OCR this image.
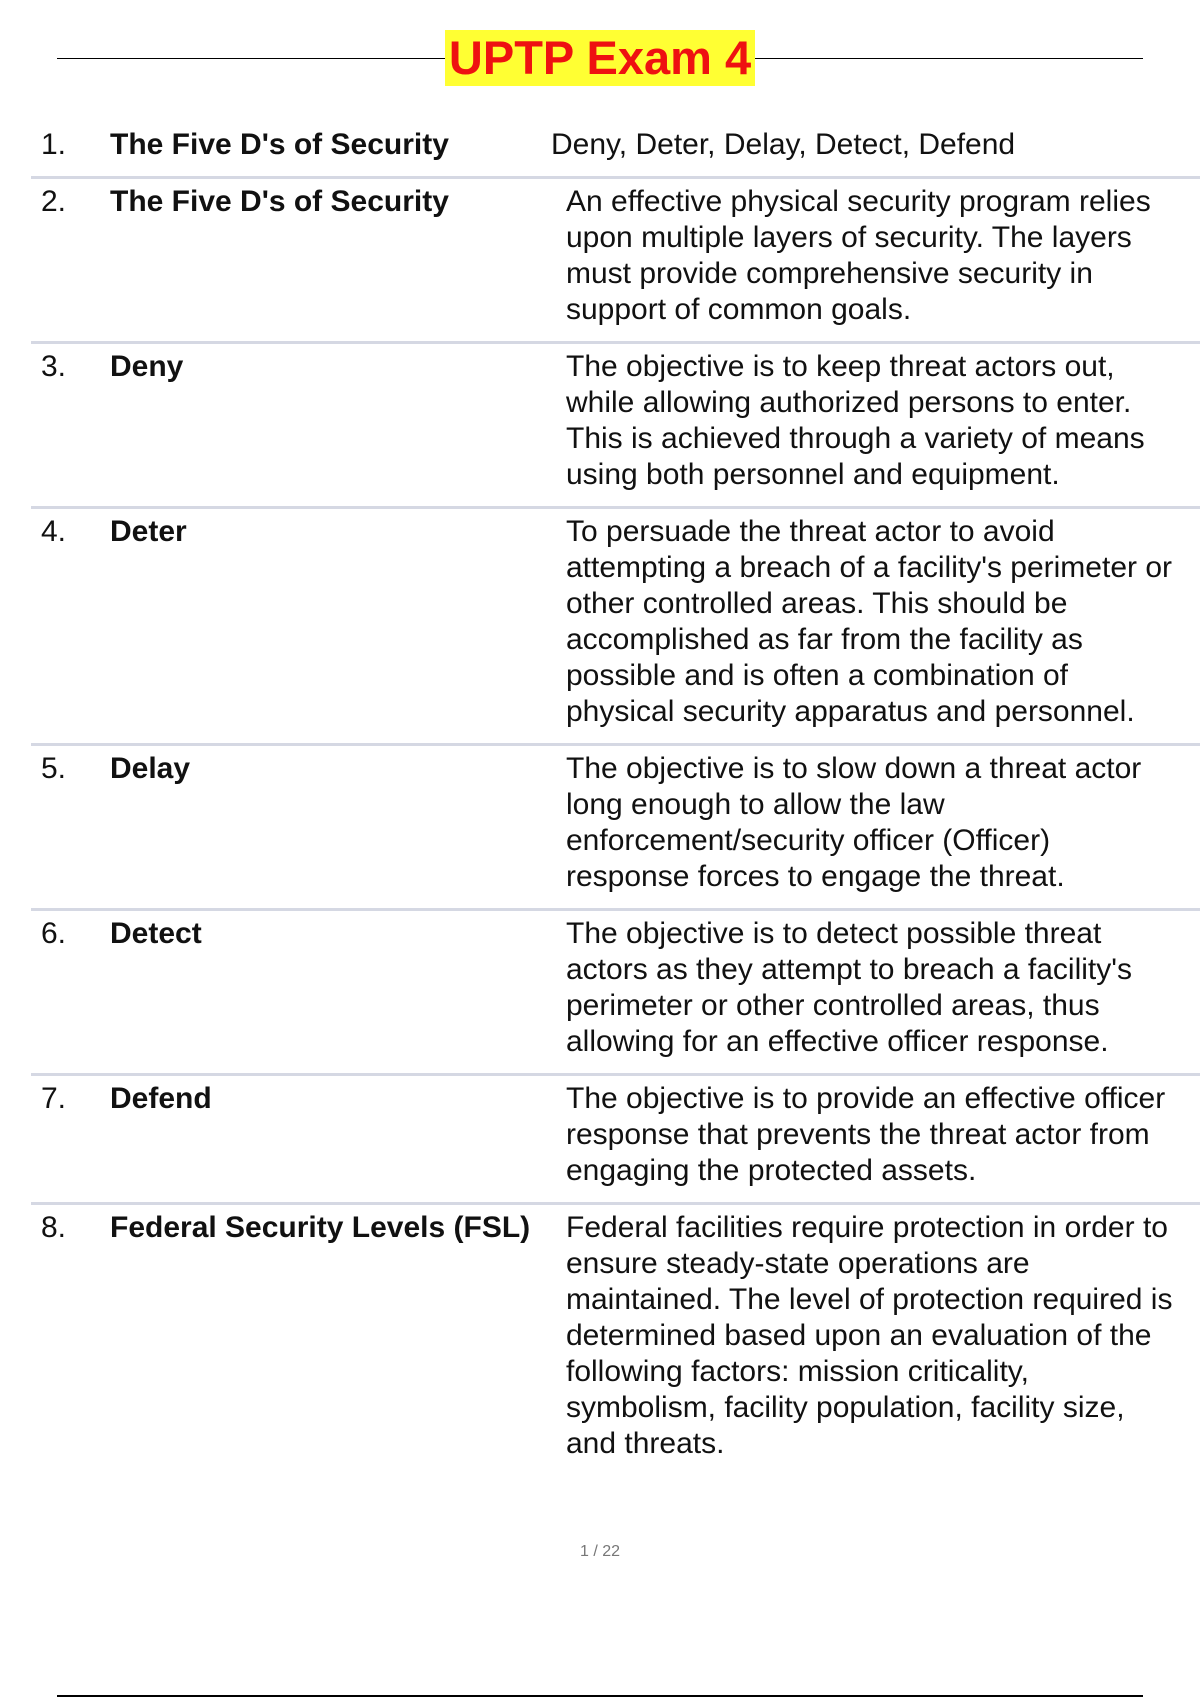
UPTP Exam 4
1.	The Five D's of Security	Deny, Deter, Delay, Detect, Defend
2.	The Five D's of Security	An effective physical security program relies upon multiple layers of security. The layers must provide comprehensive security in support of common goals.
3.	Deny	The objective is to keep threat actors out, while allowing authorized persons to enter. This is achieved through a variety of means using both personnel and equipment.
4.	Deter	To persuade the threat actor to avoid attempting a breach of a facility's perimeter or other controlled areas. This should be accomplished as far from the facility as possible and is often a combination of physical security apparatus and personnel.
5.	Delay	The objective is to slow down a threat actor long enough to allow the law enforcement/security officer (Officer) response forces to engage the threat.
6.	Detect	The objective is to detect possible threat actors as they attempt to breach a facility's perimeter or other controlled areas, thus allowing for an effective officer response.
7.	Defend	The objective is to provide an effective officer response that prevents the threat actor from engaging the protected assets.
8.	Federal Security Levels (FSL)	Federal facilities require protection in order to ensure steady-state operations are maintained. The level of protection required is determined based upon an evaluation of the following factors: mission criticality, symbolism, facility population, facility size, and threats.
1 / 22
